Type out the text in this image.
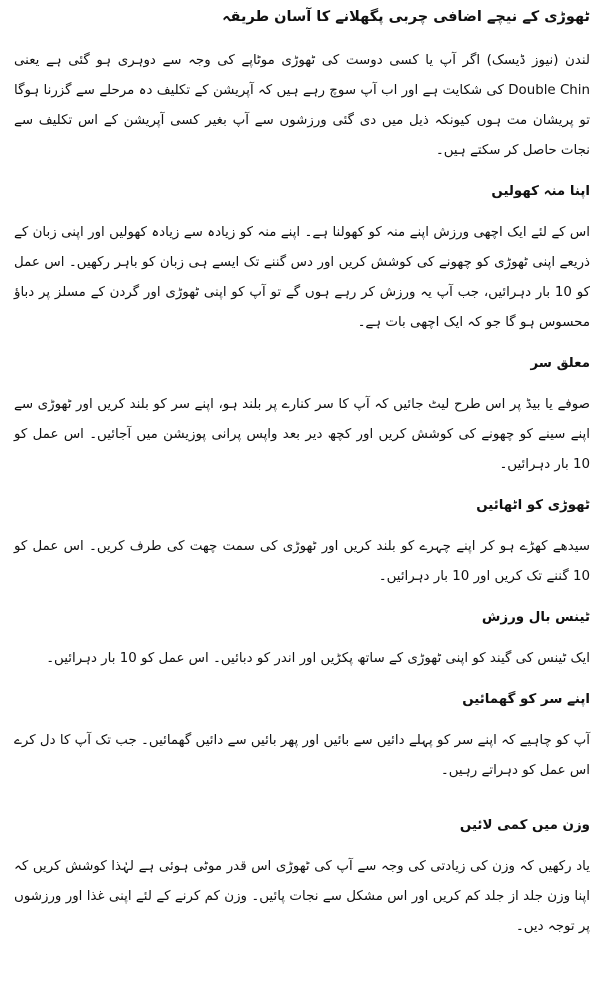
ٹھوڑی کے نیچے اضافی چربی پگھلانے کا آسان طریقہ

لندن (نیوز ڈیسک) اگر آپ یا کسی دوست کی ٹھوڑی موٹاپے کی وجہ سے دوہری ہو گئی ہے یعنی Double Chin کی شکایت ہے اور اب آپ سوچ رہے ہیں کہ آپریشن کے تکلیف دہ مرحلے سے گزرنا ہوگا تو پریشان مت ہوں کیونکہ ذیل میں دی گئی ورزشوں سے آپ بغیر کسی آپریشن کے اس تکلیف سے نجات حاصل کر سکتے ہیں۔

اپنا منہ کھولیں

اس کے لئے ایک اچھی ورزش اپنے منہ کو کھولنا ہے۔ اپنے منہ کو زیادہ سے زیادہ کھولیں اور اپنی زبان کے ذریعے اپنی ٹھوڑی کو چھونے کی کوشش کریں اور دس گننے تک ایسے ہی زبان کو باہر رکھیں۔ اس عمل کو 10 بار دہرائیں، جب آپ یہ ورزش کر رہے ہوں گے تو آپ کو اپنی ٹھوڑی اور گردن کے مسلز پر دباؤ محسوس ہو گا جو کہ ایک اچھی بات ہے۔

معلق سر

صوفے یا بیڈ پر اس طرح لیٹ جائیں کہ آپ کا سر کنارے پر بلند ہو، اپنے سر کو بلند کریں اور ٹھوڑی سے اپنے سینے کو چھونے کی کوشش کریں اور کچھ دیر بعد واپس پرانی پوزیشن میں آجائیں۔ اس عمل کو 10 بار دہرائیں۔

ٹھوڑی کو اٹھائیں

سیدھے کھڑے ہو کر اپنے چہرے کو بلند کریں اور ٹھوڑی کی سمت چھت کی طرف کریں۔ اس عمل کو 10 گننے تک کریں اور 10 بار دہرائیں۔

ٹینس بال ورزش

ایک ٹینس کی گیند کو اپنی ٹھوڑی کے ساتھ پکڑیں اور اندر کو دبائیں۔ اس عمل کو 10 بار دہرائیں۔

اپنے سر کو گھمائیں

آپ کو چاہیے کہ اپنے سر کو پہلے دائیں سے بائیں اور پھر بائیں سے دائیں گھمائیں۔ جب تک آپ کا دل کرے اس عمل کو دہراتے رہیں۔

وزن میں کمی لائیں

یاد رکھیں کہ وزن کی زیادتی کی وجہ سے آپ کی ٹھوڑی اس قدر موٹی ہوئی ہے لہٰذا کوشش کریں کہ اپنا وزن جلد از جلد کم کریں اور اس مشکل سے نجات پائیں۔ وزن کم کرنے کے لئے اپنی غذا اور ورزشوں پر توجہ دیں۔
